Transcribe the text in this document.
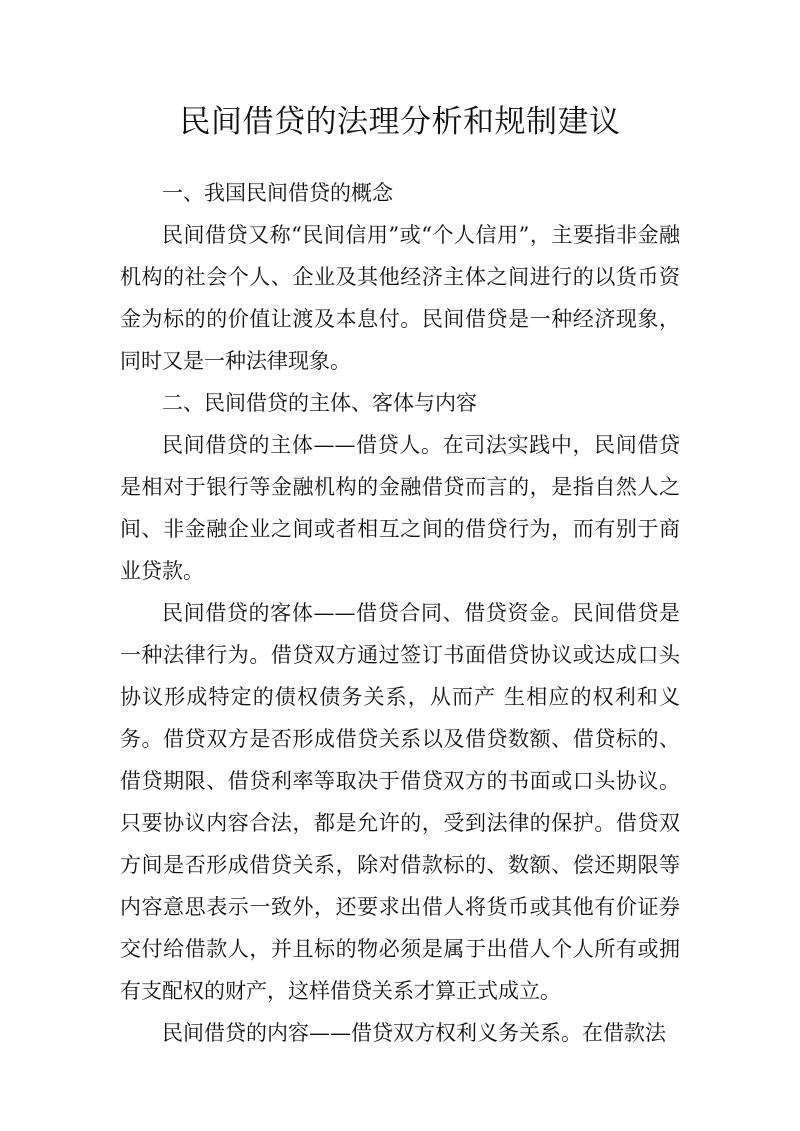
民间借贷的法理分析和规制建议

一、我国民间借贷的概念

民间借贷又称“民间信用”或“个人信用”，主要指非金融机构的社会个人、企业及其他经济主体之间进行的以货币资金为标的的价值让渡及本息付。民间借贷是一种经济现象，同时又是一种法律现象。

二、民间借贷的主体、客体与内容

民间借贷的主体——借贷人。在司法实践中，民间借贷是相对于银行等金融机构的金融借贷而言的，是指自然人之间、非金融企业之间或者相互之间的借贷行为，而有别于商业贷款。

民间借贷的客体——借贷合同、借贷资金。民间借贷是一种法律行为。借贷双方通过签订书面借贷协议或达成口头协议形成特定的债权债务关系，从而产 生相应的权利和义务。借贷双方是否形成借贷关系以及借贷数额、借贷标的、借贷期限、借贷利率等取决于借贷双方的书面或口头协议。只要协议内容合法，都是允许的，受到法律的保护。借贷双方间是否形成借贷关系，除对借款标的、数额、偿还期限等内容意思表示一致外，还要求出借人将货币或其他有价证券交付给借款人，并且标的物必须是属于出借人个人所有或拥有支配权的财产，这样借贷关系才算正式成立。

民间借贷的内容——借贷双方权利义务关系。在借款法
